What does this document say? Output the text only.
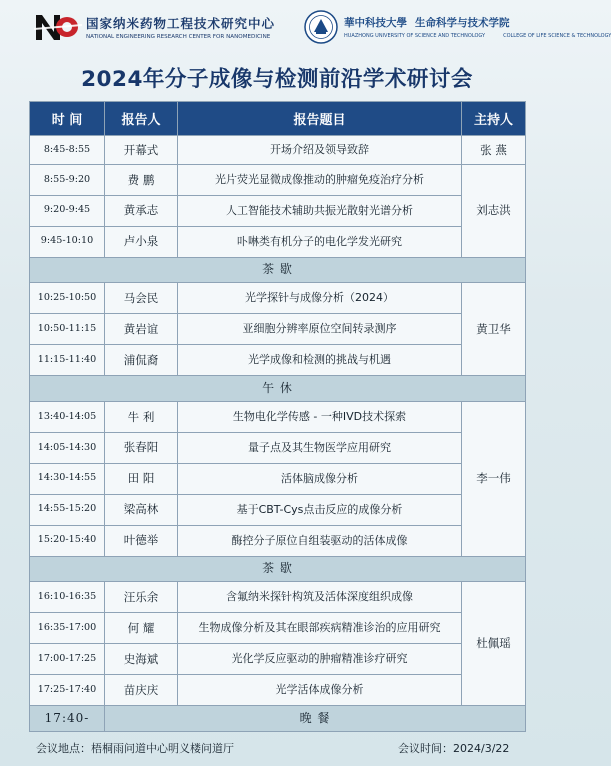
国家纳米药物工程技术研究中心
NATIONAL ENGINEERING RESEARCH CENTER FOR NANOMEDICINE
華中科技大學 生命科学与技术学院
HUAZHONG UNIVERSITY OF SCIENCE AND TECHNOLOGY	COLLEGE OF LIFE SCIENCE & TECHNOLOGY
2024年分子成像与检测前沿学术研讨会
时 间	报告人	报告题目	主持人
8:45-8:55	开幕式	开场介绍及领导致辞	张 燕
8:55-9:20	费 鹏	光片荧光显微成像推动的肿瘤免疫治疗分析	刘志洪
9:20-9:45	黄承志	人工智能技术辅助共振光散射光谱分析	
9:45-10:10	卢小泉	卟啉类有机分子的电化学发光研究	
茶 歇			
10:25-10:50	马会民	光学探针与成像分析（2024）	黄卫华
10:50-11:15	黄岩谊	亚细胞分辨率原位空间转录测序	
11:15-11:40	浦侃裔	光学成像和检测的挑战与机遇	
午 休			
13:40-14:05	牛 利	生物电化学传感 - 一种IVD技术探索	李一伟
14:05-14:30	张春阳	量子点及其生物医学应用研究	
14:30-14:55	田 阳	活体脑成像分析	
14:55-15:20	梁高林	基于CBT-Cys点击反应的成像分析	
15:20-15:40	叶德举	酶控分子原位自组装驱动的活体成像	
茶 歇			
16:10-16:35	汪乐余	含氟纳米探针构筑及活体深度组织成像	杜佩瑶
16:35-17:00	何 耀	生物成像分析及其在眼部疾病精准诊治的应用研究	
17:00-17:25	史海斌	光化学反应驱动的肿瘤精准诊疗研究	
17:25-17:40	苗庆庆	光学活体成像分析	
17:40-	晚 餐		
会议地点：梧桐雨问道中心明义楼问道厅	会议时间：2024/3/22
